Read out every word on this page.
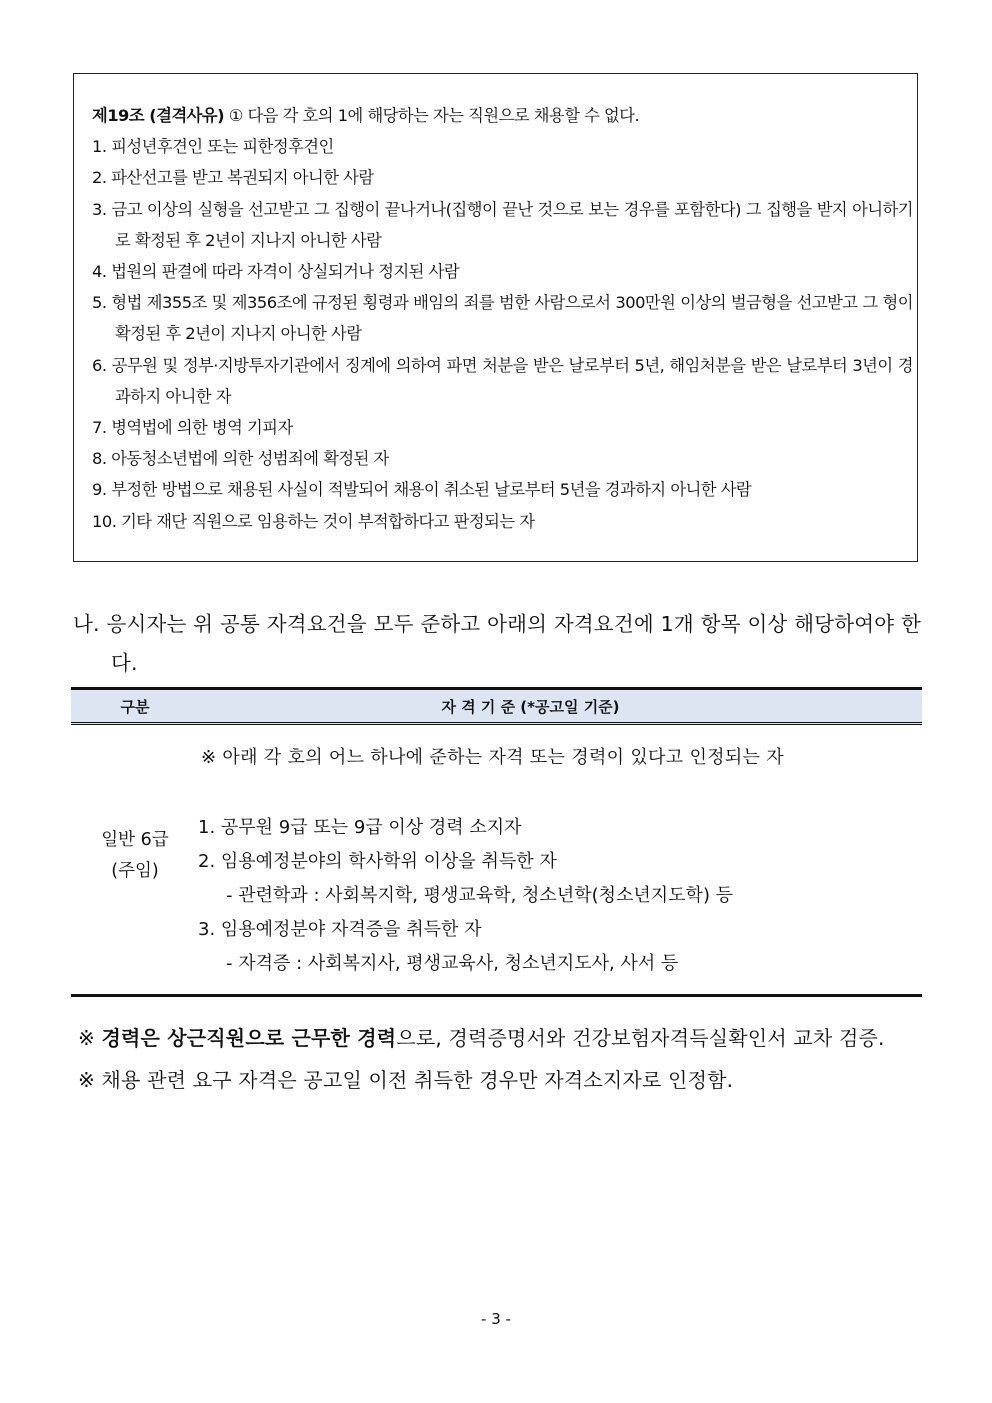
제19조 (결격사유) ① 다음 각 호의 1에 해당하는 자는 직원으로 채용할 수 없다.

1. 피성년후견인 또는 피한정후견인

2. 파산선고를 받고 복권되지 아니한 사람

3. 금고 이상의 실형을 선고받고 그 집행이 끝나거나(집행이 끝난 것으로 보는 경우를 포함한다) 그 집행을 받지 아니하기로 확정된 후 2년이 지나지 아니한 사람

4. 법원의 판결에 따라 자격이 상실되거나 정지된 사람

5. 형법 제355조 및 제356조에 규정된 횡령과 배임의 죄를 범한 사람으로서 300만원 이상의 벌금형을 선고받고 그 형이 확정된 후 2년이 지나지 아니한 사람

6. 공무원 및 정부·지방투자기관에서 징계에 의하여 파면 처분을 받은 날로부터 5년, 해임처분을 받은 날로부터 3년이 경과하지 아니한 자

7. 병역법에 의한 병역 기피자

8. 아동청소년법에 의한 성범죄에 확정된 자

9. 부정한 방법으로 채용된 사실이 적발되어 채용이 취소된 날로부터 5년을 경과하지 아니한 사람

10. 기타 재단 직원으로 임용하는 것이 부적합하다고 판정되는 자

나. 응시자는 위 공통 자격요건을 모두 준하고 아래의 자격요건에 1개 항목 이상 해당하여야 한다.
구분	자 격 기 준 (*공고일 기준)
일반 6급
(주임)
※ 아래 각 호의 어느 하나에 준하는 자격 또는 경력이 있다고 인정되는 자

1. 공무원 9급 또는 9급 이상 경력 소지자

2. 임용예정분야의 학사학위 이상을 취득한 자

- 관련학과 : 사회복지학, 평생교육학, 청소년학(청소년지도학) 등

3. 임용예정분야 자격증을 취득한 자

- 자격증 : 사회복지사, 평생교육사, 청소년지도사, 사서 등

※ 경력은 상근직원으로 근무한 경력으로, 경력증명서와 건강보험자격득실확인서 교차 검증.
※ 채용 관련 요구 자격은 공고일 이전 취득한 경우만 자격소지자로 인정함.
- 3 -
